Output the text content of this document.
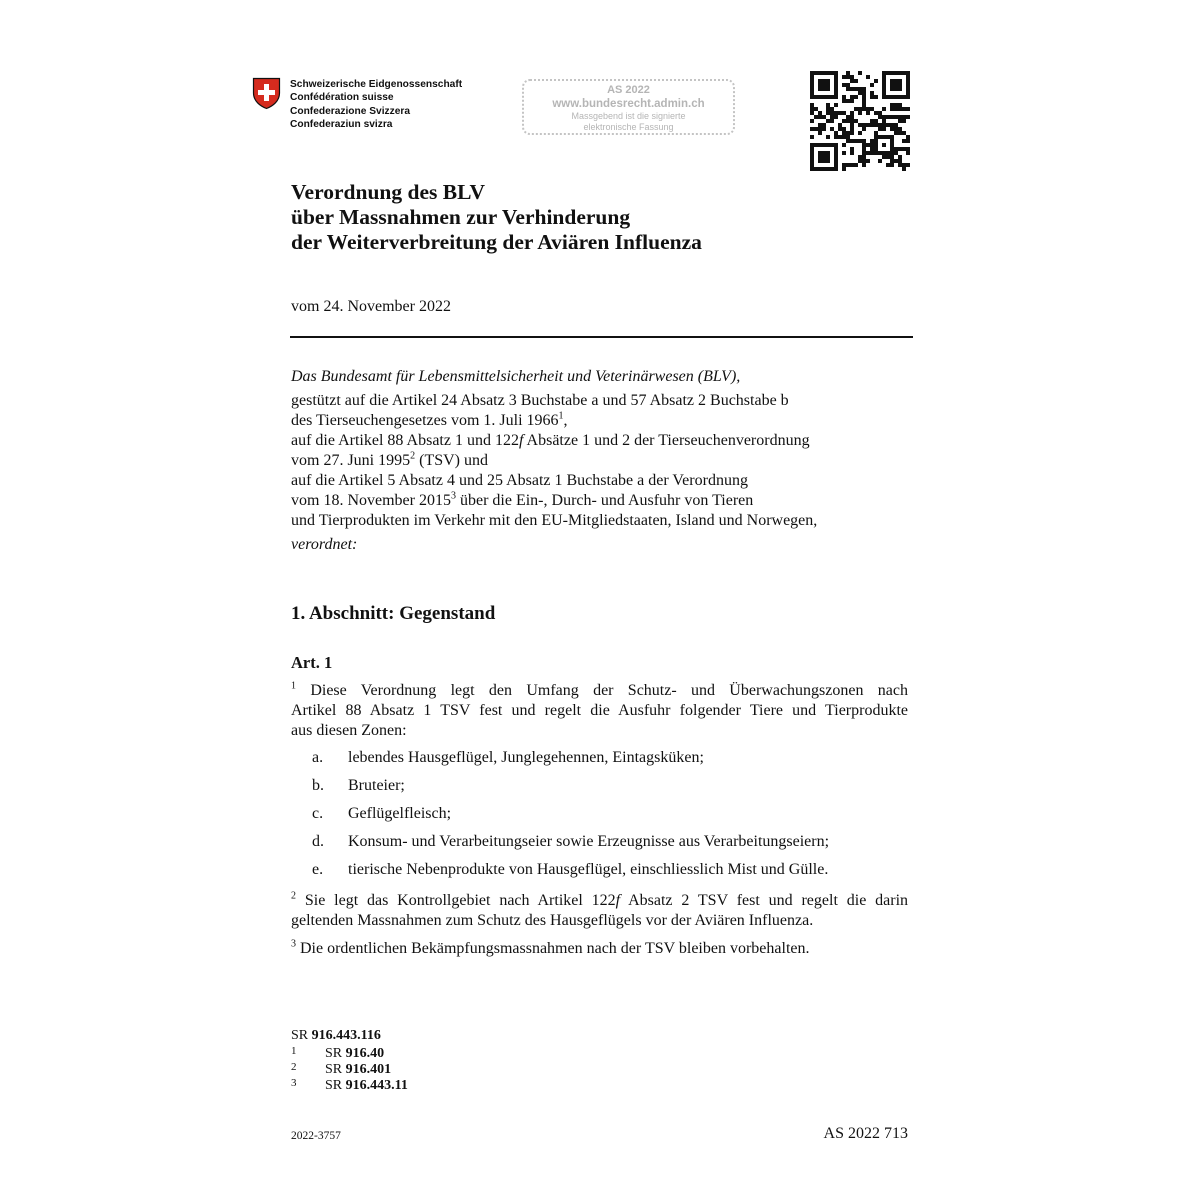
Schweizerische Eidgenossenschaft
Confédération suisse
Confederazione Svizzera
Confederaziun svizra
AS 2022
www.bundesrecht.admin.ch
Massgebend ist die signierte
elektronische Fassung
Verordnung des BLV
über Massnahmen zur Verhinderung
der Weiterverbreitung der Aviären Influenza
vom 24. November 2022
Das Bundesamt für Lebensmittelsicherheit und Veterinärwesen (BLV),
gestützt auf die Artikel 24 Absatz 3 Buchstabe a und 57 Absatz 2 Buchstabe b
des Tierseuchengesetzes vom 1. Juli 1966$^1$,
auf die Artikel 88 Absatz 1 und 122f Absätze 1 und 2 der Tierseuchenverordnung
vom 27. Juni 1995$^2$ (TSV) und
auf die Artikel 5 Absatz 4 und 25 Absatz 1 Buchstabe a der Verordnung
vom 18. November 2015$^3$ über die Ein-, Durch- und Ausfuhr von Tieren
und Tierprodukten im Verkehr mit den EU-Mitgliedstaaten, Island und Norwegen,
verordnet:
1. Abschnitt: Gegenstand
Art. 1
$^1$ Diese Verordnung legt den Umfang der Schutz- und Überwachungszonen nach
Artikel 88 Absatz 1 TSV fest und regelt die Ausfuhr folgender Tiere und Tierprodukte
aus diesen Zonen:
a. lebendes Hausgeflügel, Junglegehennen, Eintagsküken;
b. Bruteier;
c. Geflügelfleisch;
d. Konsum- und Verarbeitungseier sowie Erzeugnisse aus Verarbeitungseiern;
e. tierische Nebenprodukte von Hausgeflügel, einschliesslich Mist und Gülle.
$^2$ Sie legt das Kontrollgebiet nach Artikel 122f Absatz 2 TSV fest und regelt die darin
geltenden Massnahmen zum Schutz des Hausgeflügels vor der Aviären Influenza.
$^3$ Die ordentlichen Bekämpfungsmassnahmen nach der TSV bleiben vorbehalten.
SR 916.443.116
1 SR 916.40
2 SR 916.401
3 SR 916.443.11
2022-3757	AS 2022 713
